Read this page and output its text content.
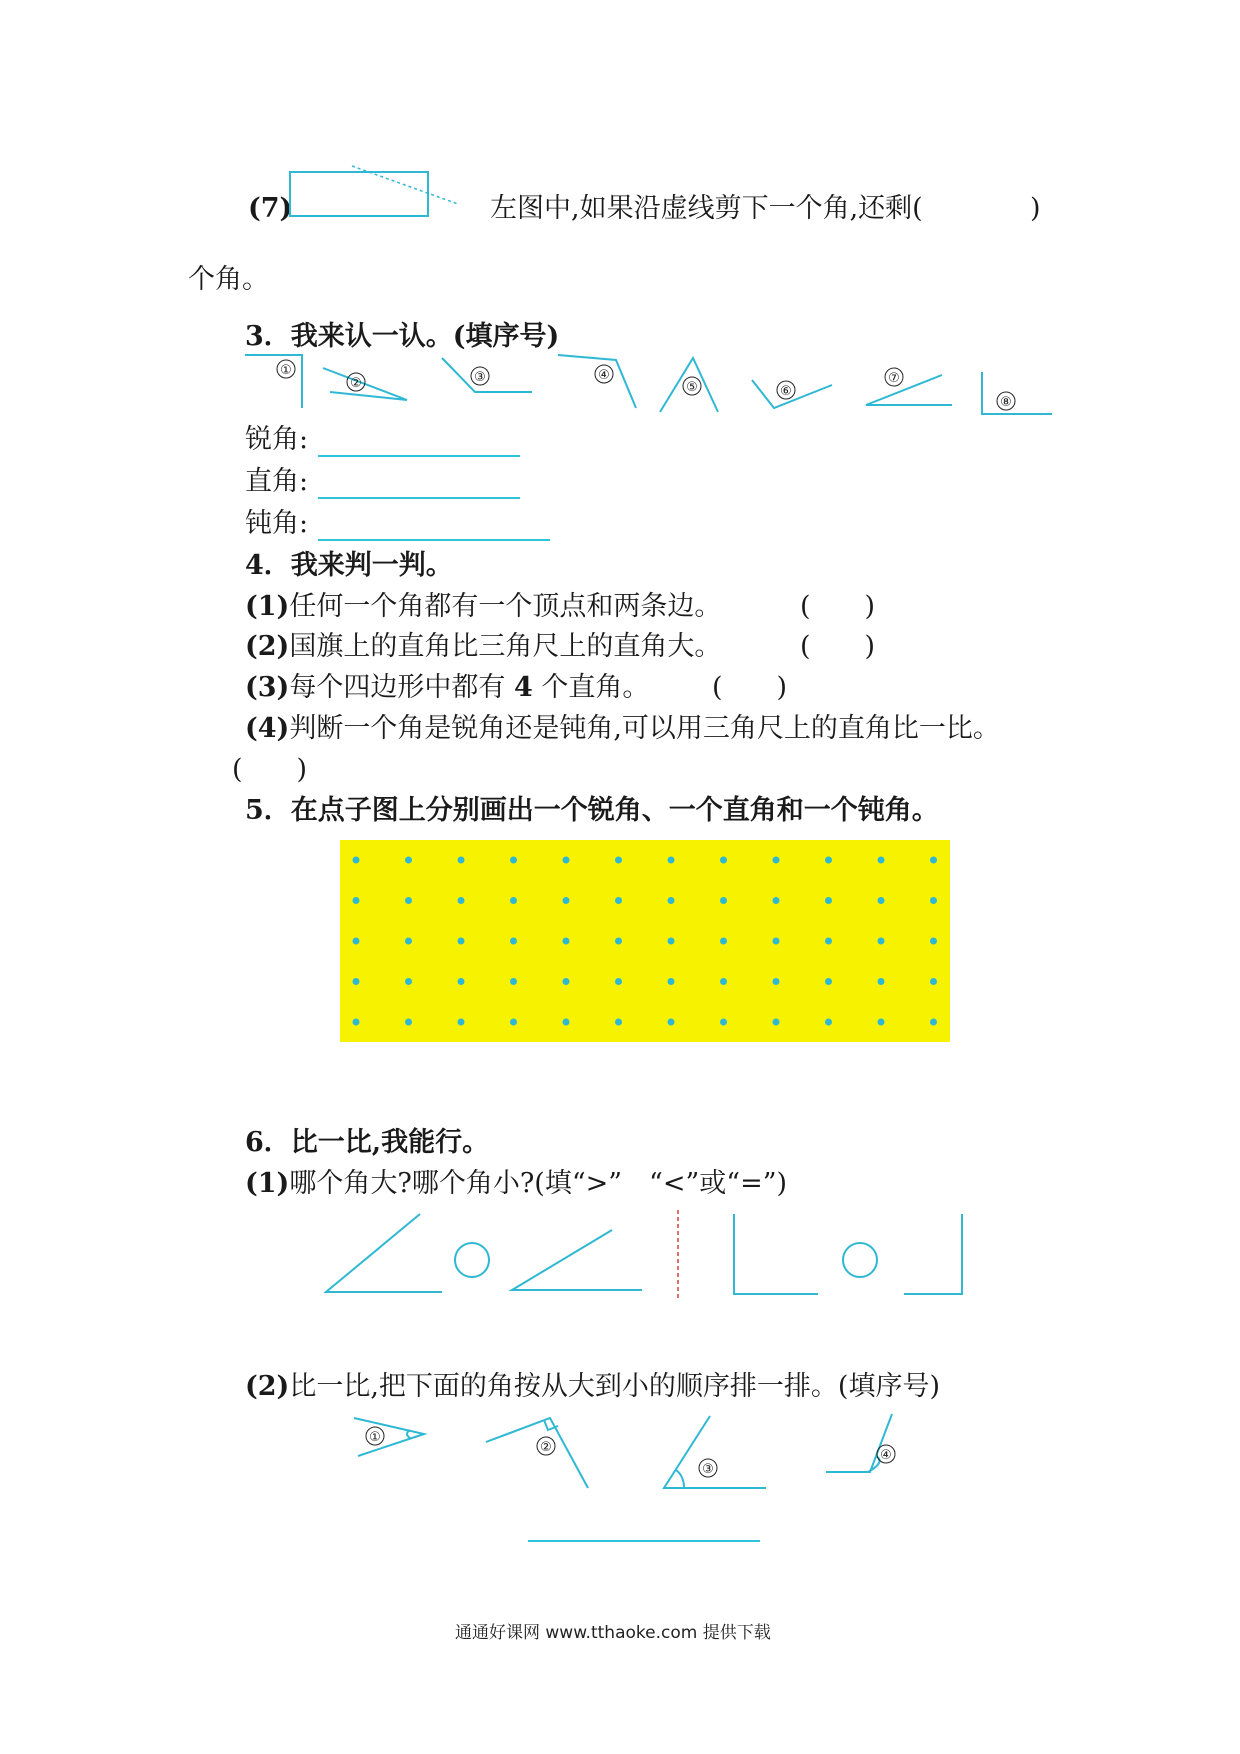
(7)	左图中,如果沿虚线剪下一个角,还剩(	)
个角。
3．我来认一认。(填序号)
①
②	③	④
⑤	⑥
⑦
⑧
锐角:
直角:
钝角:
4．我来判一判。
(1)任何一个角都有一个顶点和两条边。	(　　)
(2)国旗上的直角比三角尺上的直角大。	(　　)
(3)每个四边形中都有 4 个直角。 (　　)
(4)判断一个角是锐角还是钝角,可以用三角尺上的直角比一比。
(　　)
5．在点子图上分别画出一个锐角、一个直角和一个钝角。
6．比一比,我能行。
(1)哪个角大?哪个角小?(填“>”　“<”或“=”)
(2)比一比,把下面的角按从大到小的顺序排一排。(填序号)
①
②
③
④
通通好课网 www.tthaoke.com 提供下载
